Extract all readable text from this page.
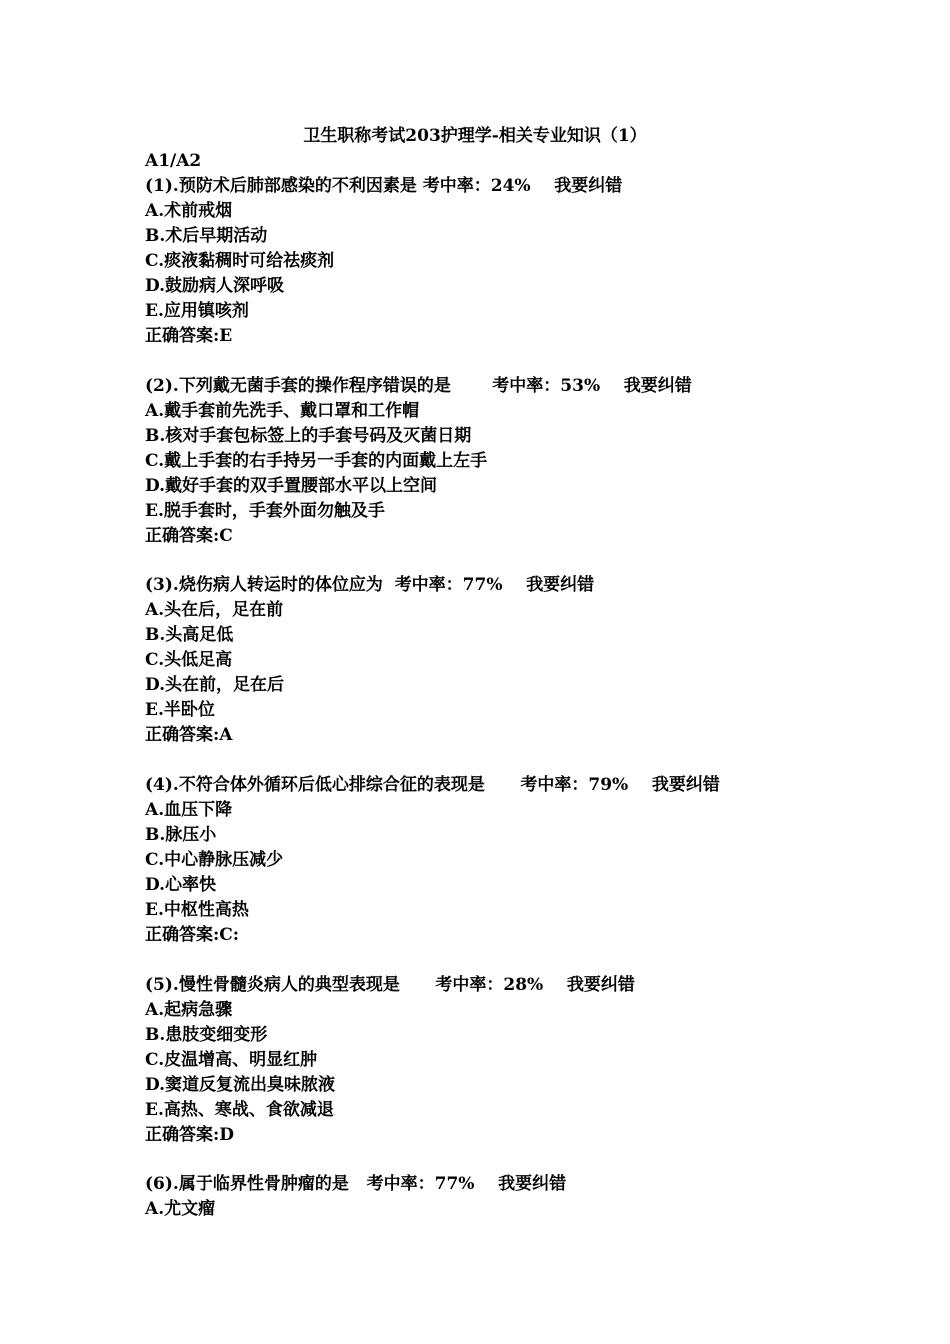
卫生职称考试203护理学-相关专业知识（1）
A1/A2
(1).预防术后肺部感染的不利因素是 考中率：24% 我要纠错
A.术前戒烟
B.术后早期活动
C.痰液黏稠时可给祛痰剂
D.鼓励病人深呼吸
E.应用镇咳剂
正确答案:E
(2).下列戴无菌手套的操作程序错误的是 考中率：53% 我要纠错
A.戴手套前先洗手、戴口罩和工作帽
B.核对手套包标签上的手套号码及灭菌日期
C.戴上手套的右手持另一手套的内面戴上左手
D.戴好手套的双手置腰部水平以上空间
E.脱手套时，手套外面勿触及手
正确答案:C
(3).烧伤病人转运时的体位应为 考中率：77% 我要纠错
A.头在后，足在前
B.头高足低
C.头低足高
D.头在前，足在后
E.半卧位
正确答案:A
(4).不符合体外循环后低心排综合征的表现是 考中率：79% 我要纠错
A.血压下降
B.脉压小
C.中心静脉压减少
D.心率快
E.中枢性高热
正确答案:C:
(5).慢性骨髓炎病人的典型表现是 考中率：28% 我要纠错
A.起病急骤
B.患肢变细变形
C.皮温增高、明显红肿
D.窦道反复流出臭味脓液
E.高热、寒战、食欲减退
正确答案:D
(6).属于临界性骨肿瘤的是 考中率：77% 我要纠错
A.尤文瘤
